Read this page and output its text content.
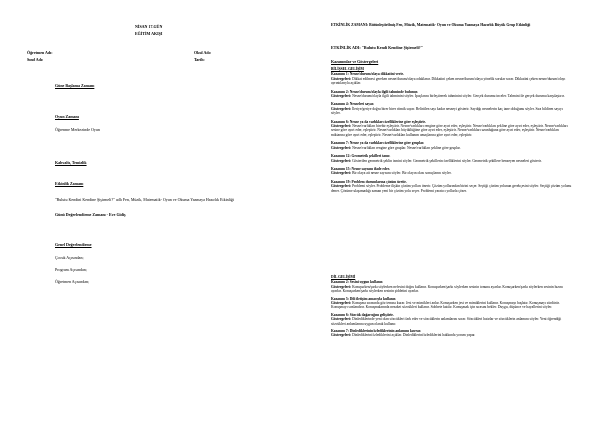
NİSAN 17.GÜN
EĞİTİM AKIŞI
Öğretmen Adı:
Sınıf Adı:
Okul Adı:
Tarih:
Güne Başlama Zamanı
Oyun Zamanı
Öğrenme Merkezinde Oyun
Kahvaltı, Temizlik
Etkinlik Zamanı
"Bulutu Kendini Kendine Şişirmeli?" adlı Fen, Müzik, Matematik- Oyun ve Okuma Yazmaya Hazırlık Etkinliği
Günü Değerlendirme Zamanı - Eve Gidiş
Genel Değerlendirme
Çocuk Açısından;
Program Açısından;
Öğretmen Açısından;
ETKİNLİK ZAMANI: Bütünleştirilmiş Fen, Müzik, Matematik- Oyun ve Okuma Yazmaya Hazırlık Büyük Grup Etkinliği
ETKİNLİK ADI: "Bulutu Kendi Kendine Şişirmeli?"
Kazanımlar ve Göstergeleri
BİLİŞSEL GELİŞİM
Kazanım 1: Nesne/durum/olaya dikkatini verir.
Göstergeleri: Dikkat edilmesi gereken nesne/durum/olaya odaklanır. Dikkatini çeken nesne/durum/olaya yönelik sorular sorar. Dikkatini çeken nesne/durum/olayı ayrıntılarıyla açıklar.
Kazanım 2: Nesne/durum/olayla ilgili tahminde bulunur.
Göstergeleri: Nesne/durum/olayla ilgili tahminini söyler. İpuçlarını birleştirerek tahminini söyler. Gerçek durumu inceler. Tahmini ile gerçek durumu karşılaştırır.
Kazanım 4: Nesneleri sayar.
Göstergeleri: İleriye/geriye doğru birer birer ritmik sayar. Belirtilen sayı kadar nesneyi gösterir. Saydığı nesnelerin kaç tane olduğunu söyler. Sıra bildiren sayıyı söyler.
Kazanım 6: Nesne ya da varlıkları özelliklerine göre eşleştirir.
Göstergeleri: Nesne/varlıkları birebir eşleştirir. Nesne/varlıkları rengine göre ayırt eder, eşleştirir. Nesne/varlıkları şekline göre ayırt eder, eşleştirir. Nesne/varlıkları sesine göre ayırt eder, eşleştirir. Nesne/varlıkları büyüklüğüne göre ayırt eder, eşleştirir. Nesne/varlıkları uzunluğuna göre ayırt eder, eşleştirir. Nesne/varlıkları miktarına göre ayırt eder, eşleştirir. Nesne/varlıkları kullanım amaçlarına göre ayırt eder, eşleştirir.
Kazanım 7: Nesne ya da varlıkları özelliklerine göre gruplar.
Göstergeleri: Nesne/varlıkları rengine göre gruplar. Nesne/varlıkları şekline göre gruplar.
Kazanım 12: Geometrik şekilleri tanır.
Göstergeleri: Gösterilen geometrik şeklin ismini söyler. Geometrik şekillerin özelliklerini söyler. Geometrik şekillere benzeyen nesneleri gösterir.
Kazanım 15: Nesne sayısını ifade eder.
Göstergeleri: Bir olaya ait nesne sayısını söyler. Bir olayın olası sonuçlarını söyler.
Kazanım 19: Problem durumlarına çözüm üretir.
Göstergeleri: Problemi söyler. Probleme ilişkin çözüm yolları önerir. Çözüm yollarından birini seçer. Seçtiği çözüm yolunun gerekçesini söyler. Seçtiği çözüm yolunu dener. Çözüme ulaşamadığı zaman yeni bir çözüm yolu seçer. Problemi yaratıcı yollarla çözer.
DİL GELİŞİMİ
Kazanım 2: Sesini uygun kullanır.
Göstergeleri: Konuşurken/şarkı söylerken nefesini doğru kullanır. Konuşurken/şarkı söylerken sesinin tonunu ayarlar. Konuşurken/şarkı söylerken sesinin hızını ayarlar. Konuşurken/şarkı söylerken sesinin şiddetini ayarlar.
Kazanım 5: Dili iletişim amacıyla kullanır.
Göstergeleri: Konuşma sırasında göz teması kurar. Jest ve mimikleri anlar. Konuşurken jest ve mimiklerini kullanır. Konuşmayı başlatır. Konuşmayı sürdürür. Konuşmayı sonlandırır. Konuşmalarında nezaket sözcükleri kullanır. Sohbete katılır. Konuşmak için sırasını bekler. Duygu, düşünce ve hayallerini söyler.
Kazanım 6: Sözcük dağarcığını geliştirir.
Göstergeleri: Dinlediklerinde yeni olan sözcükleri fark eder ve sözcüklerin anlamlarını sorar. Sözcükleri hatırlar ve sözcüklerin anlamını söyler. Yeni öğrendiği sözcükleri anlamlarına uygun olarak kullanır.
Kazanım 7: Dinlediklerinin/izlediklerinin anlamını kavrar.
Göstergeleri: Dinlediklerini/izlediklerini açıklar. Dinlediklerini/izlediklerini hakkında yorum yapar.
